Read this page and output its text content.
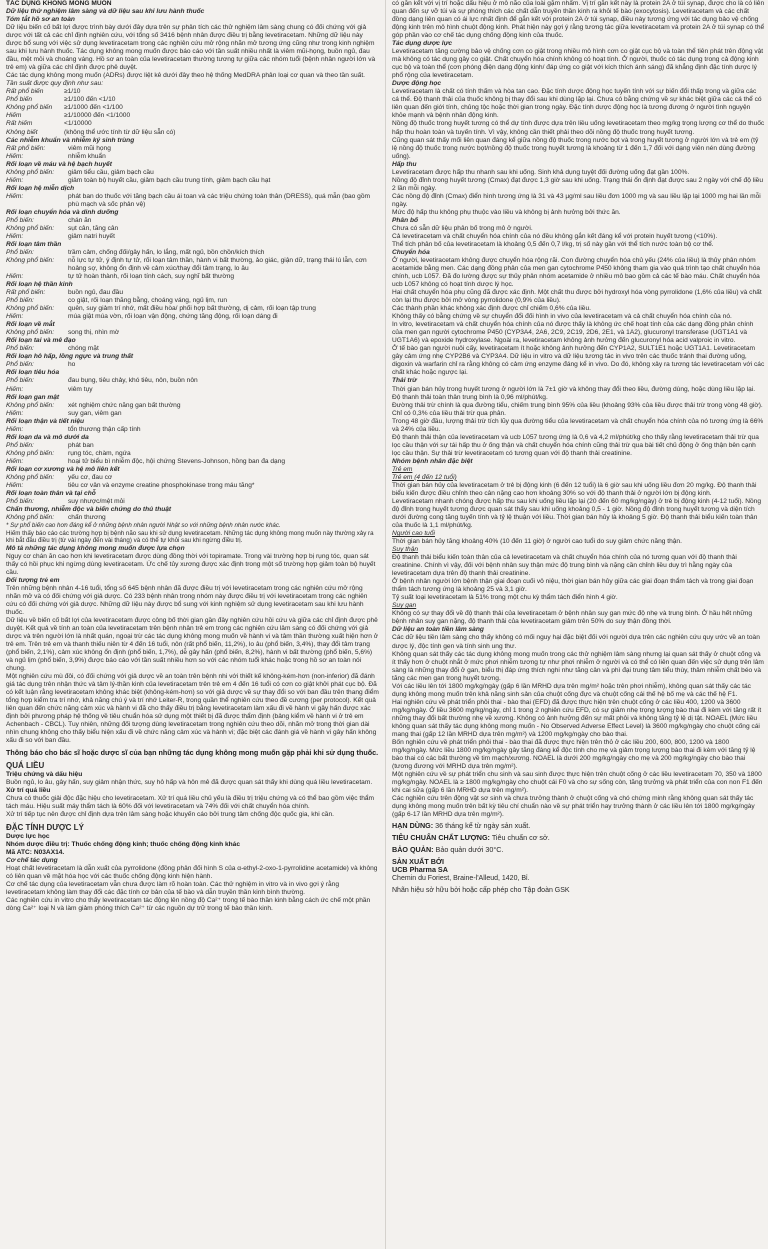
TÁC DỤNG KHÔNG MONG MUỐN

Dữ liệu thử nghiệm lâm sàng và dữ liệu sau khi lưu hành thuốc

Tóm tắt hồ sơ an toàn

Dữ liệu biến cố bất lợi được trình bày dưới đây dựa trên sự phân tích các thử nghiệm lâm sàng chung có đối chứng với giả dược với tất cả các chỉ định nghiên cứu, với tổng số 3416 bệnh nhân được điều trị bằng levetiracetam. Những dữ liệu này được bổ sung với việc sử dụng levetiracetam trong các nghiên cứu mở rộng nhãn mở tương ứng cũng như trong kinh nghiệm sau khi lưu hành thuốc. Tác dụng không mong muốn được báo cáo với tần suất nhiều nhất là viêm mũi-họng, buồn ngủ, đau đầu, mệt mỏi và choáng váng. Hồ sơ an toàn của levetiracetam thường tương tự giữa các nhóm tuổi (bệnh nhân người lớn và trẻ em) và giữa các chỉ định được phê duyệt.

Các tác dụng không mong muốn (ADRs) được liệt kê dưới đây theo hệ thống MedDRA phân loại cơ quan và theo tần suất.

Tần suất được quy định như sau:

Rất phổ biến	≥1/10
Phổ biến	≥1/100 đến <1/10
Không phổ biến	≥1/1000 đến <1/100
Hiếm	≥1/10000 đến <1/1000
Rất hiếm	<1/10000
Không biết	(không thể ước tính từ dữ liệu sẵn có)

Các nhiễm khuẩn và nhiễm ký sinh trùng

Rất phổ biến:	viêm mũi họng
Hiếm:	nhiễm khuẩn

Rối loạn về máu và hệ bạch huyết

Không phổ biến:	giảm tiểu cầu, giảm bạch cầu
Hiếm:	giảm toàn bộ huyết cầu, giảm bạch cầu trung tính, giảm bạch cầu hạt

Rối loạn hệ miễn dịch

Hiếm:	phát ban do thuốc với tăng bạch cầu ái toan và các triệu chứng toàn thân (DRESS), quá mẫn (bao gồm phù mạch và sốc phản vệ)

Rối loạn chuyển hóa và dinh dưỡng

Phổ biến:	chán ăn
Không phổ biến:	sụt cân, tăng cân
Hiếm:	giảm natri huyết

Rối loạn tâm thần

Phổ biến:	trầm cảm, chống đối/gây hấn, lo lắng, mất ngủ, bồn chồn/kích thích
Không phổ biến:	nỗ lực tự tử, ý định tự tử, rối loạn tâm thần, hành vi bất thường, ảo giác, giận dữ, trạng thái lú lẫn, cơn hoảng sợ, không ổn định về cảm xúc/thay đổi tâm trạng, lo âu
Hiếm:	tự tử hoàn thành, rối loạn tính cách, suy nghĩ bất thường

Rối loạn hệ thần kinh

Rất phổ biến:	buồn ngủ, đau đầu
Phổ biến:	co giật, rối loạn thăng bằng, choáng váng, ngủ lịm, run
Không phổ biến:	quên, suy giảm trí nhớ, mất điều hòa/ phối hợp bất thường, dị cảm, rối loạn tập trung
Hiếm:	múa giật múa vờn, rối loạn vận động, chứng tăng động, rối loạn dáng đi

Rối loạn về mắt

Không phổ biến:	song thị, nhìn mờ

Rối loạn tai và mê đạo

Phổ biến:	chóng mặt

Rối loạn hô hấp, lồng ngực và trung thất

Phổ biến:	ho

Rối loạn tiêu hóa

Phổ biến:	đau bụng, tiêu chảy, khó tiêu, nôn, buồn nôn
Hiếm:	viêm tụy

Rối loạn gan mật

Không phổ biến:	xét nghiệm chức năng gan bất thường
Hiếm:	suy gan, viêm gan

Rối loạn thận và tiết niệu

Hiếm:	tổn thương thận cấp tính

Rối loạn da và mô dưới da

Phổ biến:	phát ban
Không phổ biến:	rụng tóc, chàm, ngứa
Hiếm:	hoại tử biểu bì nhiễm độc, hội chứng Stevens-Johnson, hồng ban đa dạng

Rối loạn cơ xương và hệ mô liên kết

Không phổ biến:	yếu cơ, đau cơ
Hiếm:	tiêu cơ vân và enzyme creatine phosphokinase trong máu tăng*

Rối loạn toàn thân và tại chỗ

Phổ biến:	suy nhược/mệt mỏi

Chấn thương, nhiễm độc và biến chứng do thủ thuật

Không phổ biến:	chấn thương

* Sự phổ biến cao hơn đáng kể ở những bệnh nhân người Nhật so với những bệnh nhân nước khác.

Hiếm thấy báo cáo các trường hợp bị bệnh não sau khi sử dụng levetiracetam. Những tác dụng không mong muốn này thường xảy ra khi bắt đầu điều trị (từ vài ngày đến vài tháng) và có thể tự khỏi sau khi ngừng điều trị.

Mô tả những tác dụng không mong muốn được lựa chọn

Nguy cơ chán ăn cao hơn khi levetiracetam được dùng đồng thời với topiramate. Trong vài trường hợp bị rụng tóc, quan sát thấy có hồi phục khi ngừng dùng levetiracetam. Ức chế tủy xương được xác định trong một số trường hợp giảm toàn bộ huyết cầu.

Đối tượng trẻ em

Trên những bệnh nhân 4-16 tuổi, tổng số 645 bệnh nhân đã được điều trị với levetiracetam trong các nghiên cứu mở rộng nhãn mở và có đối chứng với giả dược. Có 233 bệnh nhân trong nhóm này được điều trị với levetiracetam trong các nghiên cứu có đối chứng với giả dược. Những dữ liệu này được bổ sung với kinh nghiệm sử dụng levetiracetam sau khi lưu hành thuốc.

Dữ liệu về biến cố bất lợi của levetiracetam được công bố thời gian gần đây nghiên cứu hồi cứu và giữa các chỉ định được phê duyệt. Kết quả về tính an toàn của levetiracetam trên bệnh nhân trẻ em trong các nghiên cứu lâm sàng có đối chứng với giả dược và trên người lớn là nhất quán, ngoại trừ các tác dụng không mong muốn về hành vi và tâm thần thường xuất hiện hơn ở trẻ em. Trên trẻ em và thanh thiếu niên từ 4 đến 16 tuổi, nôn (rất phổ biến, 11,2%), lo âu (phổ biến, 3,4%), thay đổi tâm trạng (phổ biến, 2,1%), cảm xúc không ổn định (phổ biến, 1,7%), dễ gây hấn (phổ biến, 8,2%), hành vi bất thường (phổ biến, 5,6%) và ngủ lịm (phổ biến, 3,9%) được báo cáo với tần suất nhiều hơn so với các nhóm tuổi khác hoặc trong hồ sơ an toàn nói chung.

Một nghiên cứu mù đôi, có đối chứng với giả dược về an toàn trên bệnh nhi với thiết kế không-kém-hơn (non-inferior) đã đánh giá tác dụng trên nhận thức và tâm lý-thần kinh của levetiracetam trên trẻ em 4 đến 16 tuổi có cơn co giật khởi phát cục bộ. Đã có kết luận rằng levetiracetam không khác biệt (không-kém-hơn) so với giả dược về sự thay đổi so với ban đầu trên thang điểm tổng hợp kiểm tra trí nhớ, khả năng chú ý và trí nhớ Leiter-R, trong quần thể nghiên cứu theo đề cương (per protocol). Kết quả liên quan đến chức năng cảm xúc và hành vi đã cho thấy điều trị bằng levetiracetam làm xấu đi về hành vi gây hấn được xác định bởi phương pháp hệ thống về tiêu chuẩn hóa sử dụng một thiết bị đã được thẩm định (bảng kiểm về hành vi ở trẻ em Achenbach - CBCL). Tuy nhiên, những đối tượng dùng levetiracetam trong nghiên cứu theo dõi, nhãn mở trong thời gian dài nhìn chung không cho thấy biểu hiện xấu đi về chức năng cảm xúc và hành vi; đặc biệt các đánh giá về hành vi gây hấn không xấu đi so với ban đầu.

Thông báo cho bác sĩ hoặc dược sĩ của bạn những tác dụng không mong muốn gặp phải khi sử dụng thuốc.

QUÁ LIỀU

Triệu chứng và dấu hiệu

Buồn ngủ, lo âu, gây hấn, suy giảm nhận thức, suy hô hấp và hôn mê đã được quan sát thấy khi dùng quá liều levetiracetam.

Xử trí quá liều

Chưa có thuốc giải độc đặc hiệu cho levetiracetam. Xử trí quá liều chủ yếu là điều trị triệu chứng và có thể bao gồm việc thẩm tách máu. Hiệu suất máy thẩm tách là 60% đối với levetiracetam và 74% đối với chất chuyển hóa chính.

Xử trí tiếp tục nên được chỉ định dựa trên lâm sàng hoặc khuyến cáo bởi trung tâm chống độc quốc gia, khi cần.

ĐẶC TÍNH DƯỢC LÝ

Dược lực học

Nhóm dược điều trị: Thuốc chống động kinh; thuốc chống động kinh khác

Mã ATC: N03AX14.

Cơ chế tác dụng

Hoạt chất levetiracetam là dẫn xuất của pyrrolidone (đồng phân đối hình S của α-ethyl-2-oxo-1-pyrrolidine acetamide) và không có liên quan về mặt hóa học với các thuốc chống động kinh hiện hành.

Cơ chế tác dụng của levetiracetam vẫn chưa được làm rõ hoàn toàn. Các thử nghiệm in vitro và in vivo gợi ý rằng levetiracetam không làm thay đổi các đặc tính cơ bản của tế bào và dẫn truyền thần kinh bình thường.

Các nghiên cứu in vitro cho thấy levetiracetam tác động lên nồng độ Ca²⁺ trong tế bào thần kinh bằng cách ức chế một phần dòng Ca²⁺ loại N và làm giảm phóng thích Ca²⁺ từ các nguồn dự trữ trong tế bào thần kinh.

có gắn kết với vị trí hoặc dấu hiệu ở mô não của loài gặm nhấm. Vị trí gắn kết này là protein 2A ở túi synap, được cho là có liên quan đến sự vỡ túi và sự phóng thích các chất dẫn truyền thần kinh ra khỏi tế bào (exocytosis). Levetiracetam và các chất đồng dạng liên quan có ái lực nhất định để gắn kết với protein 2A ở túi synap, điều này tương ứng với tác dụng bảo vệ chống động kinh trên mô hình chuột động kinh. Phát hiện này gợi ý rằng tương tác giữa levetiracetam và protein 2A ở túi synap có thể góp phần vào cơ chế tác dụng chống động kinh của thuốc.

Tác dụng dược lực

Levetiracetam tăng cường bảo vệ chống cơn co giật trong nhiều mô hình cơn co giật cục bộ và toàn thể tiên phát trên động vật mà không có tác dụng gây co giật. Chất chuyển hóa chính không có hoạt tính. Ở người, thuốc có tác dụng trong cả động kinh cục bộ và toàn thể (cơn phóng điện dạng động kinh/ đáp ứng co giật với kích thích ánh sáng) đã khẳng định đặc tính dược lý phổ rộng của levetiracetam.

Dược động học

Levetiracetam là chất có tính thấm và hòa tan cao. Đặc tính dược động học tuyến tính với sự biến đổi thấp trong và giữa các cá thể. Độ thanh thải của thuốc không bị thay đổi sau khi dùng lặp lại. Chưa có bằng chứng về sự khác biệt giữa các cá thể có liên quan đến giới tính, chủng tộc hoặc thời gian trong ngày. Đặc tính dược động học là tương đương ở người tình nguyện khỏe mạnh và bệnh nhân động kinh.

Nồng độ thuốc trong huyết tương có thể dự tính được dựa trên liều uống levetiracetam theo mg/kg trọng lượng cơ thể do thuốc hấp thu hoàn toàn và tuyến tính. Vì vậy, không cần thiết phải theo dõi nồng độ thuốc trong huyết tương.

Cũng quan sát thấy mối liên quan đáng kể giữa nồng độ thuốc trong nước bọt và trong huyết tương ở người lớn và trẻ em (tỷ lệ nồng độ thuốc trong nước bọt/nồng độ thuốc trong huyết tương là khoảng từ 1 đến 1,7 đối với dạng viên nén dùng đường uống).

Hấp thu

Levetiracetam được hấp thu nhanh sau khi uống. Sinh khả dụng tuyệt đối đường uống đạt gần 100%.

Nồng độ đỉnh trong huyết tương (Cmax) đạt được 1,3 giờ sau khi uống. Trạng thái ổn định đạt được sau 2 ngày với chế độ liều 2 lần mỗi ngày.

Các nồng độ đỉnh (Cmax) điển hình tương ứng là 31 và 43 µg/ml sau liều đơn 1000 mg và sau liều lặp lại 1000 mg hai lần mỗi ngày.

Mức độ hấp thu không phụ thuộc vào liều và không bị ảnh hưởng bởi thức ăn.

Phân bố

Chưa có sẵn dữ liệu phân bố trong mô ở người.

Cả levetiracetam và chất chuyển hóa chính của nó đều không gắn kết đáng kể với protein huyết tương (<10%).

Thể tích phân bố của levetiracetam là khoảng 0,5 đến 0,7 l/kg, trị số này gần với thể tích nước toàn bộ cơ thể.

Chuyển hóa

Ở người, levetiracetam không được chuyển hóa rộng rãi. Con đường chuyển hóa chủ yếu (24% của liều) là thủy phân nhóm acetamide bằng men. Các dạng đồng phân của men gan cytochrome P450 không tham gia vào quá trình tạo chất chuyển hóa chính, ucb L057. Đã đo lường được sự thủy phân nhóm acetamide ở nhiều mô bao gồm cả các tế bào máu. Chất chuyển hóa ucb L057 không có hoạt tính dược lý học.

Hai chất chuyển hóa phụ cũng đã được xác định. Một chất thu được bởi hydroxyl hóa vòng pyrrolidone (1,6% của liều) và chất còn lại thu được bởi mở vòng pyrrolidone (0,9% của liều).

Các thành phần khác không xác định được chỉ chiếm 0,6% của liều.

Không thấy có bằng chứng về sự chuyển đổi đối hình in vivo của levetiracetam và cả chất chuyển hóa chính của nó.

In vitro, levetiracetam và chất chuyển hóa chính của nó được thấy là không ức chế hoạt tính của các dạng đồng phân chính của men gan người cytochrome P450 (CYP3A4, 2A6, 2C9, 2C19, 2D6, 2E1, và 1A2), glucuronyl transferase (UGT1A1 và UGT1A6) và epoxide hydroxylase. Ngoài ra, levetiracetam không ảnh hưởng đến glucuronyl hóa acid valproic in vitro.

Ở tế bào gan người nuôi cấy, levetiracetam ít hoặc không ảnh hưởng đến CYP1A2, SULT1E1 hoặc UGT1A1. Levetiracetam gây cảm ứng nhẹ CYP2B6 và CYP3A4. Dữ liệu in vitro và dữ liệu tương tác in vivo trên các thuốc tránh thai đường uống, digoxin và warfarin chỉ ra rằng không có cảm ứng enzyme đáng kể in vivo. Do đó, không xảy ra tương tác levetiracetam với các chất khác hoặc ngược lại.

Thải trừ

Thời gian bán hủy trong huyết tương ở người lớn là 7±1 giờ và không thay đổi theo liều, đường dùng, hoặc dùng liều lặp lại. Độ thanh thải toàn thân trung bình là 0,96 ml/phút/kg.

Đường thải trừ chính là qua đường tiểu, chiếm trung bình 95% của liều (khoảng 93% của liều được thải trừ trong vòng 48 giờ). Chỉ có 0,3% của liều thải trừ qua phân.

Trong 48 giờ đầu, lượng thải trừ tích lũy qua đường tiểu của levetiracetam và chất chuyển hóa chính của nó tương ứng là 66% và 24% của liều.

Độ thanh thải thận của levetiracetam và ucb L057 tương ứng là 0,6 và 4,2 ml/phút/kg cho thấy rằng levetiracetam thải trừ qua lọc cầu thận với sự tái hấp thu ở ống thận và chất chuyển hóa chính cũng thải trừ qua bài tiết chủ động ở ống thận bên cạnh lọc cầu thận. Sự thải trừ levetiracetam có tương quan với độ thanh thải creatinine.

Nhóm bệnh nhân đặc biệt

Trẻ em

Trẻ em (4 đến 12 tuổi)

Thời gian bán hủy của levetiracetam ở trẻ bị động kinh (6 đến 12 tuổi) là 6 giờ sau khi uống liều đơn 20 mg/kg. Độ thanh thải biểu kiến được điều chỉnh theo cân nặng cao hơn khoảng 30% so với độ thanh thải ở người lớn bị động kinh.

Levetiracetam nhanh chóng được hấp thu sau khi uống liều lặp lại (20 đến 60 mg/kg/ngày) ở trẻ bị động kinh (4-12 tuổi). Nồng độ đỉnh trong huyết tương được quan sát thấy sau khi uống khoảng 0,5 - 1 giờ. Nồng độ đỉnh trong huyết tương và diện tích dưới đường cong tăng tuyến tính và tỷ lệ thuận với liều. Thời gian bán hủy là khoảng 5 giờ. Độ thanh thải biểu kiến toàn thân của thuốc là 1,1 ml/phút/kg.

Người cao tuổi

Thời gian bán hủy tăng khoảng 40% (10 đến 11 giờ) ở người cao tuổi do suy giảm chức năng thận.

Suy thận

Độ thanh thải biểu kiến toàn thân của cả levetiracetam và chất chuyển hóa chính của nó tương quan với độ thanh thải creatinine. Chính vì vậy, đối với bệnh nhân suy thận mức độ trung bình và nặng cần chỉnh liều duy trì hằng ngày của levetiracetam dựa trên độ thanh thải creatinine.

Ở bệnh nhân người lớn bệnh thận giai đoạn cuối vô niệu, thời gian bán hủy giữa các giai đoạn thẩm tách và trong giai đoạn thẩm tách tương ứng là khoảng 25 và 3,1 giờ.

Tỷ suất loại levetiracetam là 51% trong một chu kỳ thẩm tách điển hình 4 giờ.

Suy gan

Không có sự thay đổi về độ thanh thải của levetiracetam ở bệnh nhân suy gan mức độ nhẹ và trung bình. Ở hầu hết những bệnh nhân suy gan nặng, độ thanh thải của levetiracetam giảm trên 50% do suy thận đồng thời.

Dữ liệu an toàn tiền lâm sàng

Các dữ liệu tiền lâm sàng cho thấy không có mối nguy hại đặc biệt đối với người dựa trên các nghiên cứu quy ước về an toàn dược lý, độc tính gen và tính sinh ung thư.

Không quan sát thấy các tác dụng không mong muốn trong các thử nghiệm lâm sàng nhưng lại quan sát thấy ở chuột cống và ít thấy hơn ở chuột nhắt ở mức phơi nhiễm tương tự như phơi nhiễm ở người và có thể có liên quan đến việc sử dụng trên lâm sàng là những thay đổi ở gan, biểu thị đáp ứng thích nghi như tăng cân và phì đại trung tâm tiểu thùy, thâm nhiễm chất béo và tăng các men gan trong huyết tương.

Với các liều lên tới 1800 mg/kg/ngày (gấp 6 lần MRHD dựa trên mg/m² hoặc trên phơi nhiễm), không quan sát thấy các tác dụng không mong muốn trên khả năng sinh sản của chuột cống đực và chuột cống cái thế hệ bố mẹ và các thế hệ F1.

Hai nghiên cứu về phát triển phôi thai - bào thai (EFD) đã được thực hiện trên chuột cống ở các liều 400, 1200 và 3600 mg/kg/ngày. Ở liều 3600 mg/kg/ngày, chỉ 1 trong 2 nghiên cứu EFD, có sự giảm nhẹ trọng lượng bào thai đi kèm với tăng rất ít những thay đổi bất thường nhẹ về xương. Không có ảnh hưởng đến sự mất phôi và không tăng tỷ lệ dị tật. NOAEL (Mức liều không quan sát thấy tác dụng không mong muốn - No Observed Adverse Effect Level) là 3600 mg/kg/ngày cho chuột cống cái mang thai (gấp 12 lần MRHD dựa trên mg/m²) và 1200 mg/kg/ngày cho bào thai.

Bốn nghiên cứu về phát triển phôi thai - bào thai đã được thực hiện trên thỏ ở các liều 200, 600, 800, 1200 và 1800 mg/kg/ngày. Mức liều 1800 mg/kg/ngày gây tăng đáng kể độc tính cho mẹ và giảm trọng lượng bào thai đi kèm với tăng tỷ lệ bào thai có các bất thường về tim mạch/xương. NOAEL là dưới 200 mg/kg/ngày cho mẹ và 200 mg/kg/ngày cho bào thai (tương đương với MRHD dựa trên mg/m²).

Một nghiên cứu về sự phát triển chu sinh và sau sinh được thực hiện trên chuột cống ở các liều levetiracetam 70, 350 và 1800 mg/kg/ngày. NOAEL là ≥ 1800 mg/kg/ngày cho chuột cái F0 và cho sự sống còn, tăng trưởng và phát triển của con non F1 đến khi cai sữa (gấp 6 lần MRHD dựa trên mg/m²).

Các nghiên cứu trên động vật sơ sinh và chưa trưởng thành ở chuột cống và chó chứng minh rằng không quan sát thấy tác dụng không mong muốn trên bất kỳ tiêu chí chuẩn nào về sự phát triển hay trưởng thành ở các liều lên tới 1800 mg/kg/ngày (gấp 6-17 lần MRHD dựa trên mg/m²).

HẠN DÙNG: 36 tháng kể từ ngày sản xuất.

TIÊU CHUẨN CHẤT LƯỢNG: Tiêu chuẩn cơ sở.

BẢO QUẢN: Bảo quản dưới 30°C.

SẢN XUẤT BỞI

UCB Pharma SA

Chemin du Foriest, Braine-l'Alleud, 1420, Bỉ.

Nhãn hiệu sở hữu bởi hoặc cấp phép cho Tập đoàn GSK
